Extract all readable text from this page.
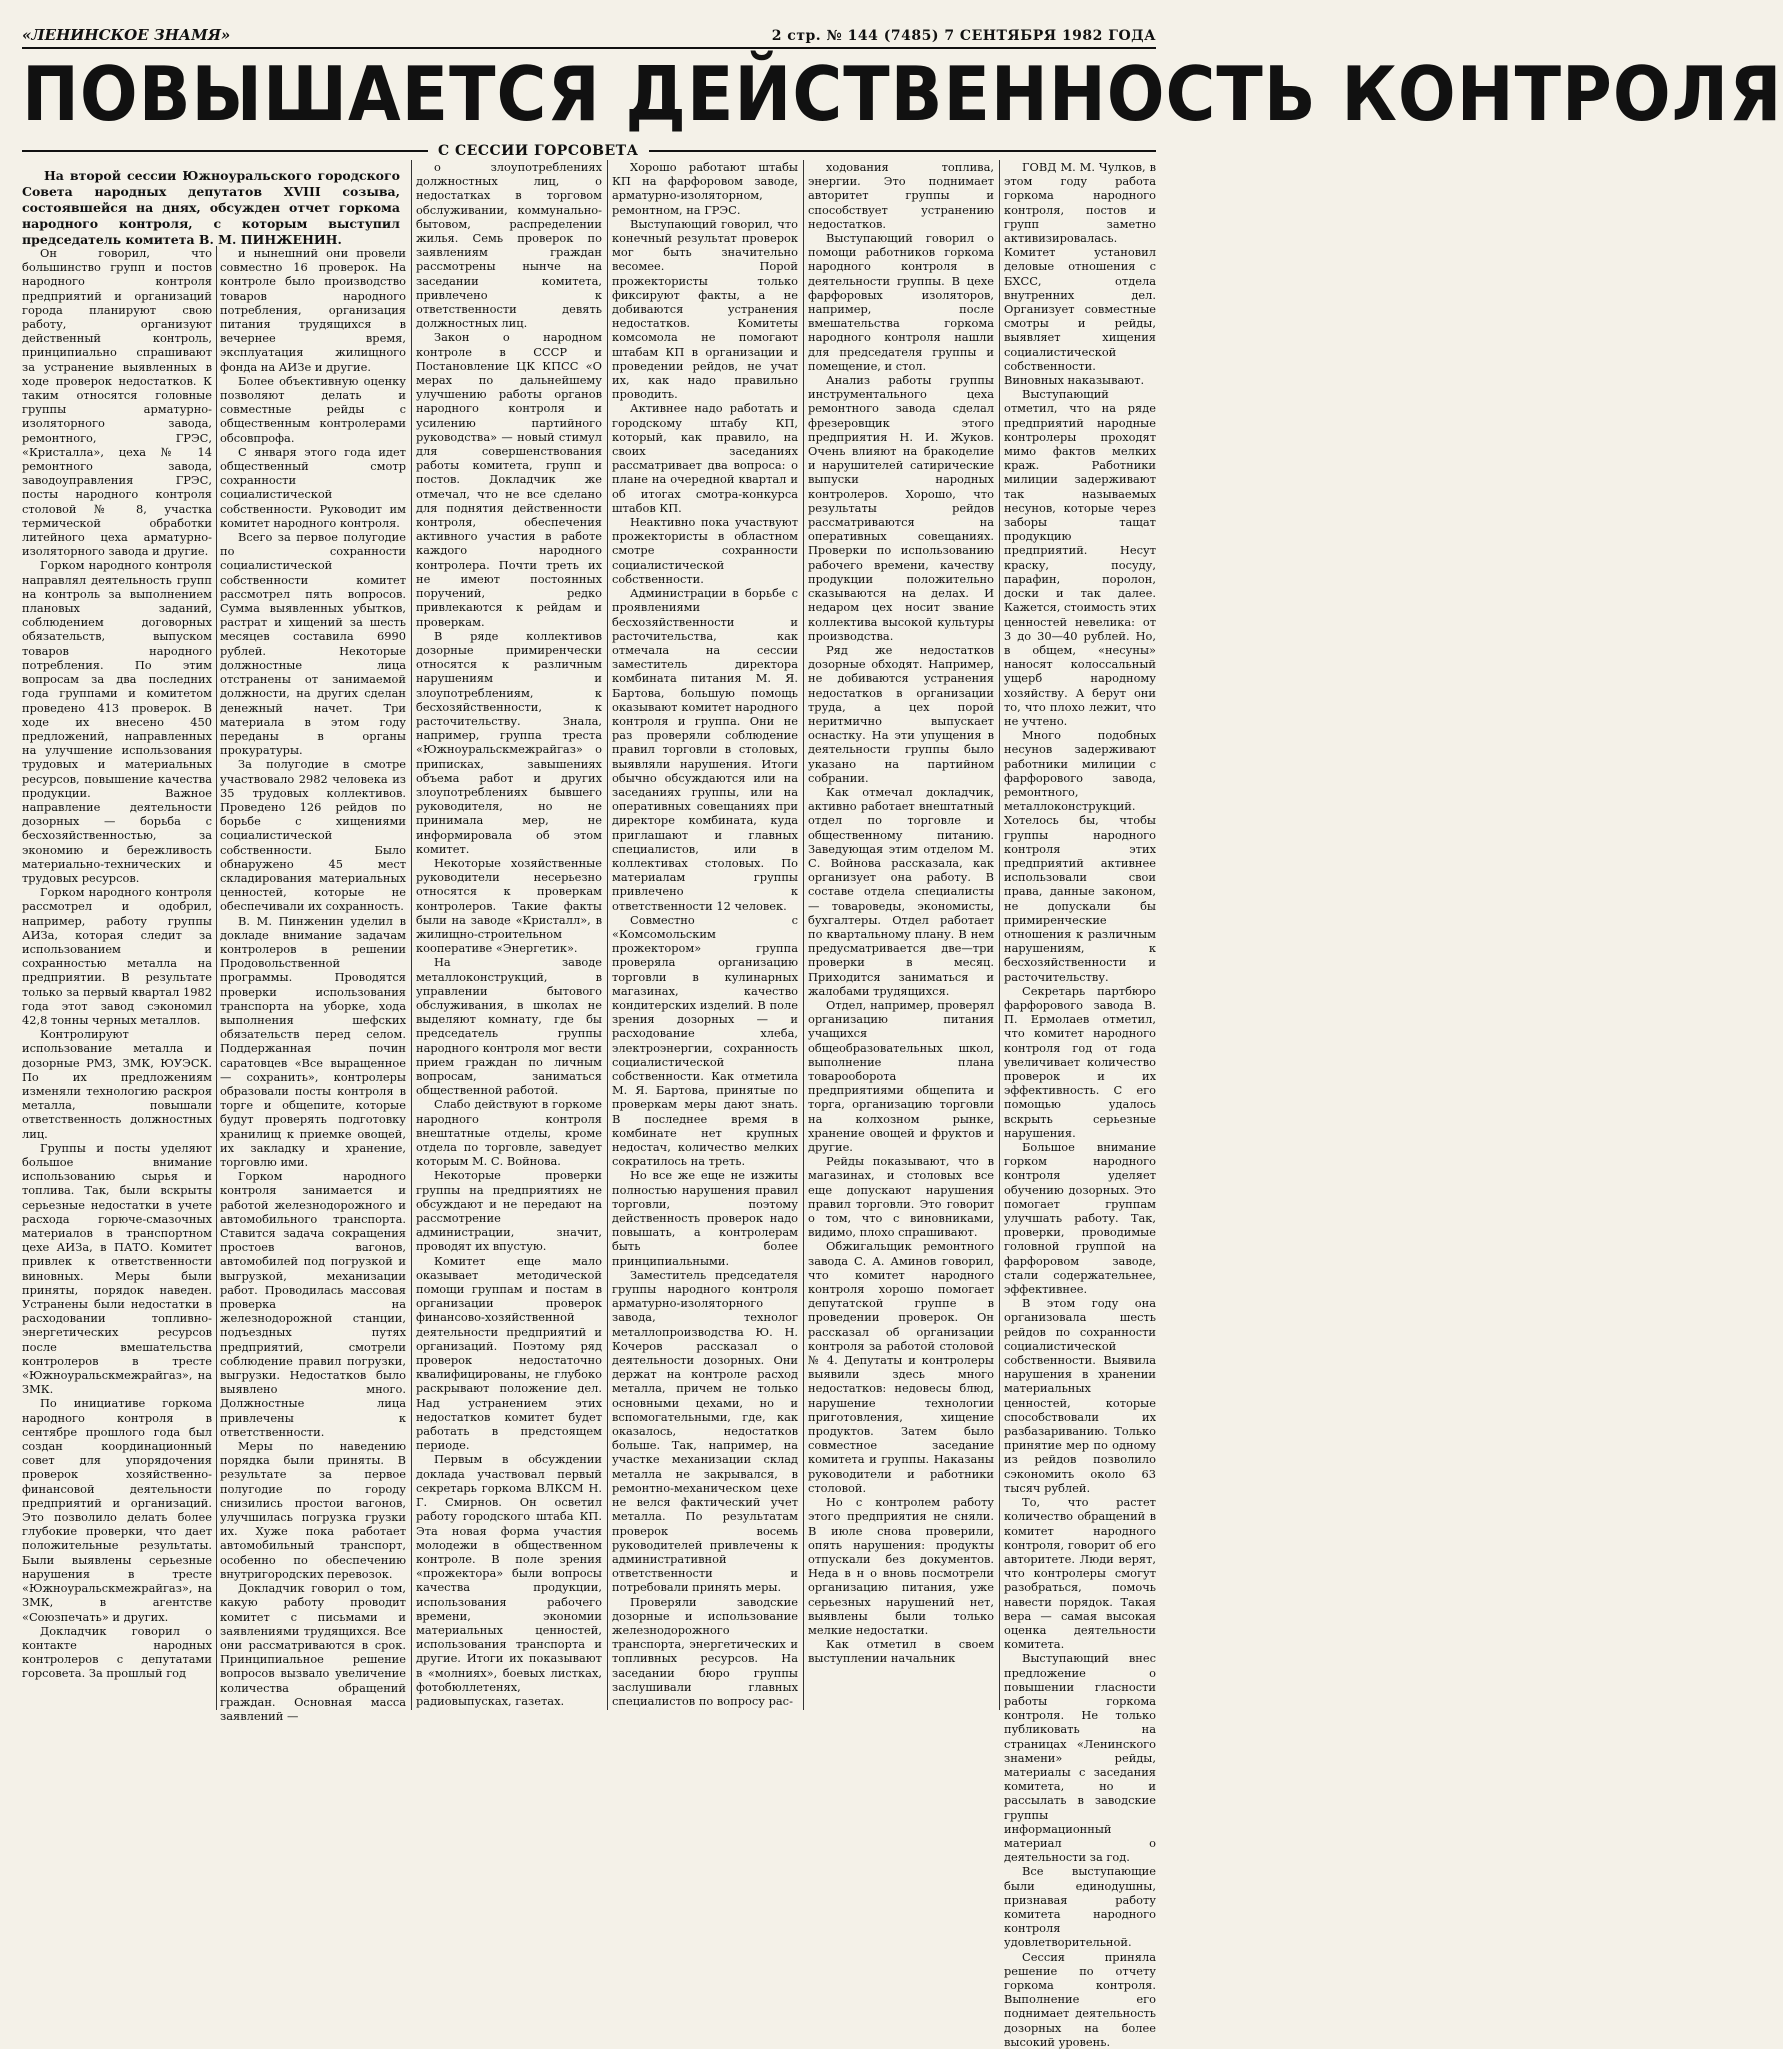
«ЛЕНИНСКОЕ ЗНАМЯ»	2 стр. № 144 (7485) 7 СЕНТЯБРЯ 1982 ГОДА
ПОВЫШАЕТСЯ ДЕЙСТВЕННОСТЬ КОНТРОЛЯ
С СЕССИИ ГОРСОВЕТА
На второй сессии Южноуральского городского Совета народных депутатов XVIII созыва, состоявшейся на днях, обсужден отчет горкома народного контроля, с которым выступил председатель комитета В. М. ПИНЖЕНИН.

Он говорил, что большинство групп и постов народного контроля предприятий и организаций города планируют свою работу, организуют действенный контроль, принципиально спрашивают за устранение выявленных в ходе проверок недостатков. К таким относятся головные группы арматурно-изоляторного завода, ремонтного, ГРЭС, «Кристалла», цеха № 14 ремонтного завода, заводоуправления ГРЭС, посты народного контроля столовой № 8, участка термической обработки литейного цеха арматурно-изоляторного завода и другие.

Горком народного контроля направлял деятельность групп на контроль за выполнением плановых заданий, соблюдением договорных обязательств, выпуском товаров народного потребления. По этим вопросам за два последних года группами и комитетом проведено 413 проверок. В ходе их внесено 450 предложений, направленных на улучшение использования трудовых и материальных ресурсов, повышение качества продукции. Важное направление деятельности дозорных — борьба с бесхозяйственностью, за экономию и бережливость материально-технических и трудовых ресурсов.

Горком народного контроля рассмотрел и одобрил, например, работу группы АИЗа, которая следит за использованием и сохранностью металла на предприятии. В результате только за первый квартал 1982 года этот завод сэкономил 42,8 тонны черных металлов.

Контролируют использование металла и дозорные РМЗ, ЗМК, ЮУЭСК. По их предложениям изменяли технологию раскроя металла, повышали ответственность должностных лиц.

Группы и посты уделяют большое внимание использованию сырья и топлива. Так, были вскрыты серьезные недостатки в учете расхода горюче-смазочных материалов в транспортном цехе АИЗа, в ПАТО. Комитет привлек к ответственности виновных. Меры были приняты, порядок наведен. Устранены были недостатки в расходовании топливно-энергетических ресурсов после вмешательства контролеров в тресте «Южноуральскмежрайгаз», на ЗМК.

По инициативе горкома народного контроля в сентябре прошлого года был создан координационный совет для упорядочения проверок хозяйственно-финансовой деятельности предприятий и организаций. Это позволило делать более глубокие проверки, что дает положительные результаты. Были выявлены серьезные нарушения в тресте «Южноуральскмежрайгаз», на ЗМК, в агентстве «Союзпечать» и других.

Докладчик говорил о контакте народных контролеров с депутатами горсовета. За прошлый год

и нынешний они провели совместно 16 проверок. На контроле было производство товаров народного потребления, организация питания трудящихся в вечернее время, эксплуатация жилищного фонда на АИЗе и другие.

Более объективную оценку позволяют делать и совместные рейды с общественным контролерами обсовпрофа.

С января этого года идет общественный смотр сохранности социалистической собственности. Руководит им комитет народного контроля.

Всего за первое полугодие по сохранности социалистической собственности комитет рассмотрел пять вопросов. Сумма выявленных убытков, растрат и хищений за шесть месяцев составила 6990 рублей. Некоторые должностные лица отстранены от занимаемой должности, на других сделан денежный начет. Три материала в этом году переданы в органы прокуратуры.

За полугодие в смотре участвовало 2982 человека из 35 трудовых коллективов. Проведено 126 рейдов по борьбе с хищениями социалистической собственности. Было обнаружено 45 мест складирования материальных ценностей, которые не обеспечивали их сохранность.

В. М. Пинженин уделил в докладе внимание задачам контролеров в решении Продовольственной программы. Проводятся проверки использования транспорта на уборке, хода выполнения шефских обязательств перед селом. Поддержанная почин саратовцев «Все выращенное — сохранить», контролеры образовали посты контроля в торге и общепите, которые будут проверять подготовку хранилищ к приемке овощей, их закладку и хранение, торговлю ими.

Горком народного контроля занимается и работой железнодорожного и автомобильного транспорта. Ставится задача сокращения простоев вагонов, автомобилей под погрузкой и выгрузкой, механизации работ. Проводилась массовая проверка на железнодорожной станции, подъездных путях предприятий, смотрели соблюдение правил погрузки, выгрузки. Недостатков было выявлено много. Должностные лица привлечены к ответственности.

Меры по наведению порядка были приняты. В результате за первое полугодие по городу снизились простои вагонов, улучшилась погрузка грузки их. Хуже пока работает автомобильный транспорт, особенно по обеспечению внутригородских перевозок.

Докладчик говорил о том, какую работу проводит комитет с письмами и заявлениями трудящихся. Все они рассматриваются в срок. Принципиальное решение вопросов вызвало увеличение количества обращений граждан. Основная масса заявлений —

о злоупотреблениях должностных лиц, о недостатках в торговом обслуживании, коммунально-бытовом, распределении жилья. Семь проверок по заявлениям граждан рассмотрены нынче на заседании комитета, привлечено к ответственности девять должностных лиц.

Закон о народном контроле в СССР и Постановление ЦК КПСС «О мерах по дальнейшему улучшению работы органов народного контроля и усилению партийного руководства» — новый стимул для совершенствования работы комитета, групп и постов. Докладчик же отмечал, что не все сделано для поднятия действенности контроля, обеспечения активного участия в работе каждого народного контролера. Почти треть их не имеют постоянных поручений, редко привлекаются к рейдам и проверкам.

В ряде коллективов дозорные примиренчески относятся к различным нарушениям и злоупотреблениям, к бесхозяйственности, к расточительству. Знала, например, группа треста «Южноуральскмежрайгаз» о приписках, завышениях объема работ и других злоупотреблениях бывшего руководителя, но не принимала мер, не информировала об этом комитет.

Некоторые хозяйственные руководители несерьезно относятся к проверкам контролеров. Такие факты были на заводе «Кристалл», в жилищно-строительном кооперативе «Энергетик».

На заводе металлоконструкций, в управлении бытового обслуживания, в школах не выделяют комнату, где бы председатель группы народного контроля мог вести прием граждан по личным вопросам, заниматься общественной работой.

Слабо действуют в горкоме народного контроля внештатные отделы, кроме отдела по торговле, заведует которым М. С. Войнова.

Некоторые проверки группы на предприятиях не обсуждают и не передают на рассмотрение администрации, значит, проводят их впустую.

Комитет еще мало оказывает методической помощи группам и постам в организации проверок финансово-хозяйственной деятельности предприятий и организаций. Поэтому ряд проверок недостаточно квалифицированы, не глубоко раскрывают положение дел. Над устранением этих недостатков комитет будет работать в предстоящем периоде.

Первым в обсуждении доклада участвовал первый секретарь горкома ВЛКСМ Н. Г. Смирнов. Он осветил работу городского штаба КП. Эта новая форма участия молодежи в общественном контроле. В поле зрения «прожектора» были вопросы качества продукции, использования рабочего времени, экономии материальных ценностей, использования транспорта и другие. Итоги их показывают в «молниях», боевых листках, фотобюллетенях, радиовыпусках, газетах.

Хорошо работают штабы КП на фарфоровом заводе, арматурно-изоляторном, ремонтном, на ГРЭС.

Выступающий говорил, что конечный результат проверок мог быть значительно весомее. Порой прожектористы только фиксируют факты, а не добиваются устранения недостатков. Комитеты комсомола не помогают штабам КП в организации и проведении рейдов, не учат их, как надо правильно проводить.

Активнее надо работать и городскому штабу КП, который, как правило, на своих заседаниях рассматривает два вопроса: о плане на очередной квартал и об итогах смотра-конкурса штабов КП.

Неактивно пока участвуют прожектористы в областном смотре сохранности социалистической собственности.

Администрации в борьбе с проявлениями бесхозяйственности и расточительства, как отмечала на сессии заместитель директора комбината питания М. Я. Бартова, большую помощь оказывают комитет народного контроля и группа. Они не раз проверяли соблюдение правил торговли в столовых, выявляли нарушения. Итоги обычно обсуждаются или на заседаниях группы, или на оперативных совещаниях при директоре комбината, куда приглашают и главных специалистов, или в коллективах столовых. По материалам группы привлечено к ответственности 12 человек.

Совместно с «Комсомольским прожектором» группа проверяла организацию торговли в кулинарных магазинах, качество кондитерских изделий. В поле зрения дозорных — и расходование хлеба, электроэнергии, сохранность социалистической собственности. Как отметила М. Я. Бартова, принятые по проверкам меры дают знать. В последнее время в комбинате нет крупных недостач, количество мелких сократилось на треть.

Но все же еще не изжиты полностью нарушения правил торговли, поэтому действенность проверок надо повышать, а контролерам быть более принципиальными.

Заместитель председателя группы народного контроля арматурно-изоляторного завода, технолог металлопроизводства Ю. Н. Кочеров рассказал о деятельности дозорных. Они держат на контроле расход металла, причем не только основными цехами, но и вспомогательными, где, как оказалось, недостатков больше. Так, например, на участке механизации склад металла не закрывался, в ремонтно-механическом цехе не велся фактический учет металла. По результатам проверок восемь руководителей привлечены к административной ответственности и потребовали принять меры.

Проверяли заводские дозорные и использование железнодорожного транспорта, энергетических и топливных ресурсов. На заседании бюро группы заслушивали главных специалистов по вопросу рас-

ходования топлива, энергии. Это поднимает авторитет группы и способствует устранению недостатков.

Выступающий говорил о помощи работников горкома народного контроля в деятельности группы. В цехе фарфоровых изоляторов, например, после вмешательства горкома народного контроля нашли для председателя группы и помещение, и стол.

Анализ работы группы инструментального цеха ремонтного завода сделал фрезеровщик этого предприятия Н. И. Жуков. Очень влияют на бракоделие и нарушителей сатирические выпуски народных контролеров. Хорошо, что результаты рейдов рассматриваются на оперативных совещаниях. Проверки по использованию рабочего времени, качеству продукции положительно сказываются на делах. И недаром цех носит звание коллектива высокой культуры производства.

Ряд же недостатков дозорные обходят. Например, не добиваются устранения недостатков в организации труда, а цех порой неритмично выпускает оснастку. На эти упущения в деятельности группы было указано на партийном собрании.

Как отмечал докладчик, активно работает внештатный отдел по торговле и общественному питанию. Заведующая этим отделом М. С. Войнова рассказала, как организует она работу. В составе отдела специалисты — товароведы, экономисты, бухгалтеры. Отдел работает по квартальному плану. В нем предусматривается две—три проверки в месяц. Приходится заниматься и жалобами трудящихся.

Отдел, например, проверял организацию питания учащихся общеобразовательных школ, выполнение плана товарооборота предприятиями общепита и торга, организацию торговли на колхозном рынке, хранение овощей и фруктов и другие.

Рейды показывают, что в магазинах, и столовых все еще допускают нарушения правил торговли. Это говорит о том, что с виновниками, видимо, плохо спрашивают.

Обжигальщик ремонтного завода С. А. Аминов говорил, что комитет народного контроля хорошо помогает депутатской группе в проведении проверок. Он рассказал об организации контроля за работой столовой № 4. Депутаты и контролеры выявили здесь много недостатков: недовесы блюд, нарушение технологии приготовления, хищение продуктов. Затем было совместное заседание комитета и группы. Наказаны руководители и работники столовой.

Но с контролем работу этого предприятия не сняли. В июле снова проверили, опять нарушения: продукты отпускали без документов. Неда в н о вновь посмотрели организацию питания, уже серьезных нарушений нет, выявлены были только мелкие недостатки.

Как отметил в своем выступлении начальник

ГОВД М. М. Чулков, в этом году работа горкома народного контроля, постов и групп заметно активизировалась. Комитет установил деловые отношения с БХСС, отдела внутренних дел. Организует совместные смотры и рейды, выявляет хищения социалистической собственности. Виновных наказывают.

Выступающий отметил, что на ряде предприятий народные контролеры проходят мимо фактов мелких краж. Работники милиции задерживают так называемых несунов, которые через заборы тащат продукцию предприятий. Несут краску, посуду, парафин, поролон, доски и так далее. Кажется, стоимость этих ценностей невелика: от 3 до 30—40 рублей. Но, в общем, «несуны» наносят колоссальный ущерб народному хозяйству. А берут они то, что плохо лежит, что не учтено.

Много подобных несунов задерживают работники милиции с фарфорового завода, ремонтного, металлоконструкций. Хотелось бы, чтобы группы народного контроля этих предприятий активнее использовали свои права, данные законом, не допускали бы примиренческие отношения к различным нарушениям, к бесхозяйственности и расточительству.

Секретарь партбюро фарфорового завода В. П. Ермолаев отметил, что комитет народного контроля год от года увеличивает количество проверок и их эффективность. С его помощью удалось вскрыть серьезные нарушения.

Большое внимание горком народного контроля уделяет обучению дозорных. Это помогает группам улучшать работу. Так, проверки, проводимые головной группой на фарфоровом заводе, стали содержательнее, эффективнее.

В этом году она организовала шесть рейдов по сохранности социалистической собственности. Выявила нарушения в хранении материальных ценностей, которые способствовали их разбазариванию. Только принятие мер по одному из рейдов позволило сэкономить около 63 тысяч рублей.

То, что растет количество обращений в комитет народного контроля, говорит об его авторитете. Люди верят, что контролеры смогут разобраться, помочь навести порядок. Такая вера — самая высокая оценка деятельности комитета.

Выступающий внес предложение о повышении гласности работы горкома контроля. Не только публиковать на страницах «Ленинского знамени» рейды, материалы с заседания комитета, но и рассылать в заводские группы информационный материал о деятельности за год.

Все выступающие были единодушны, признавая работу комитета народного контроля удовлетворительной.

Сессия приняла решение по отчету горкома контроля. Выполнение его поднимает деятельность дозорных на более высокий уровень.
